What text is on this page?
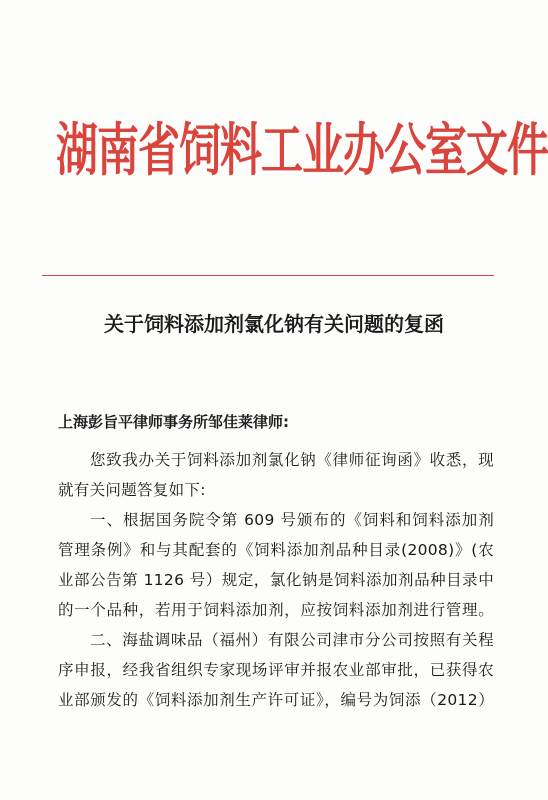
湖南省饲料工业办公室文件
关于饲料添加剂氯化钠有关问题的复函
上海彭旨平律师事务所邹佳莱律师:
您致我办关于饲料添加剂氯化钠《律师征询函》收悉，现
就有关问题答复如下:
一、根据国务院令第 609 号颁布的《饲料和饲料添加剂
管理条例》和与其配套的《饲料添加剂品种目录(2008)》(农
业部公告第 1126 号）规定，氯化钠是饲料添加剂品种目录中
的一个品种，若用于饲料添加剂，应按饲料添加剂进行管理。
二、海盐调味品（福州）有限公司津市分公司按照有关程
序申报，经我省组织专家现场评审并报农业部审批，已获得农
业部颁发的《饲料添加剂生产许可证》，编号为饲添（2012）
